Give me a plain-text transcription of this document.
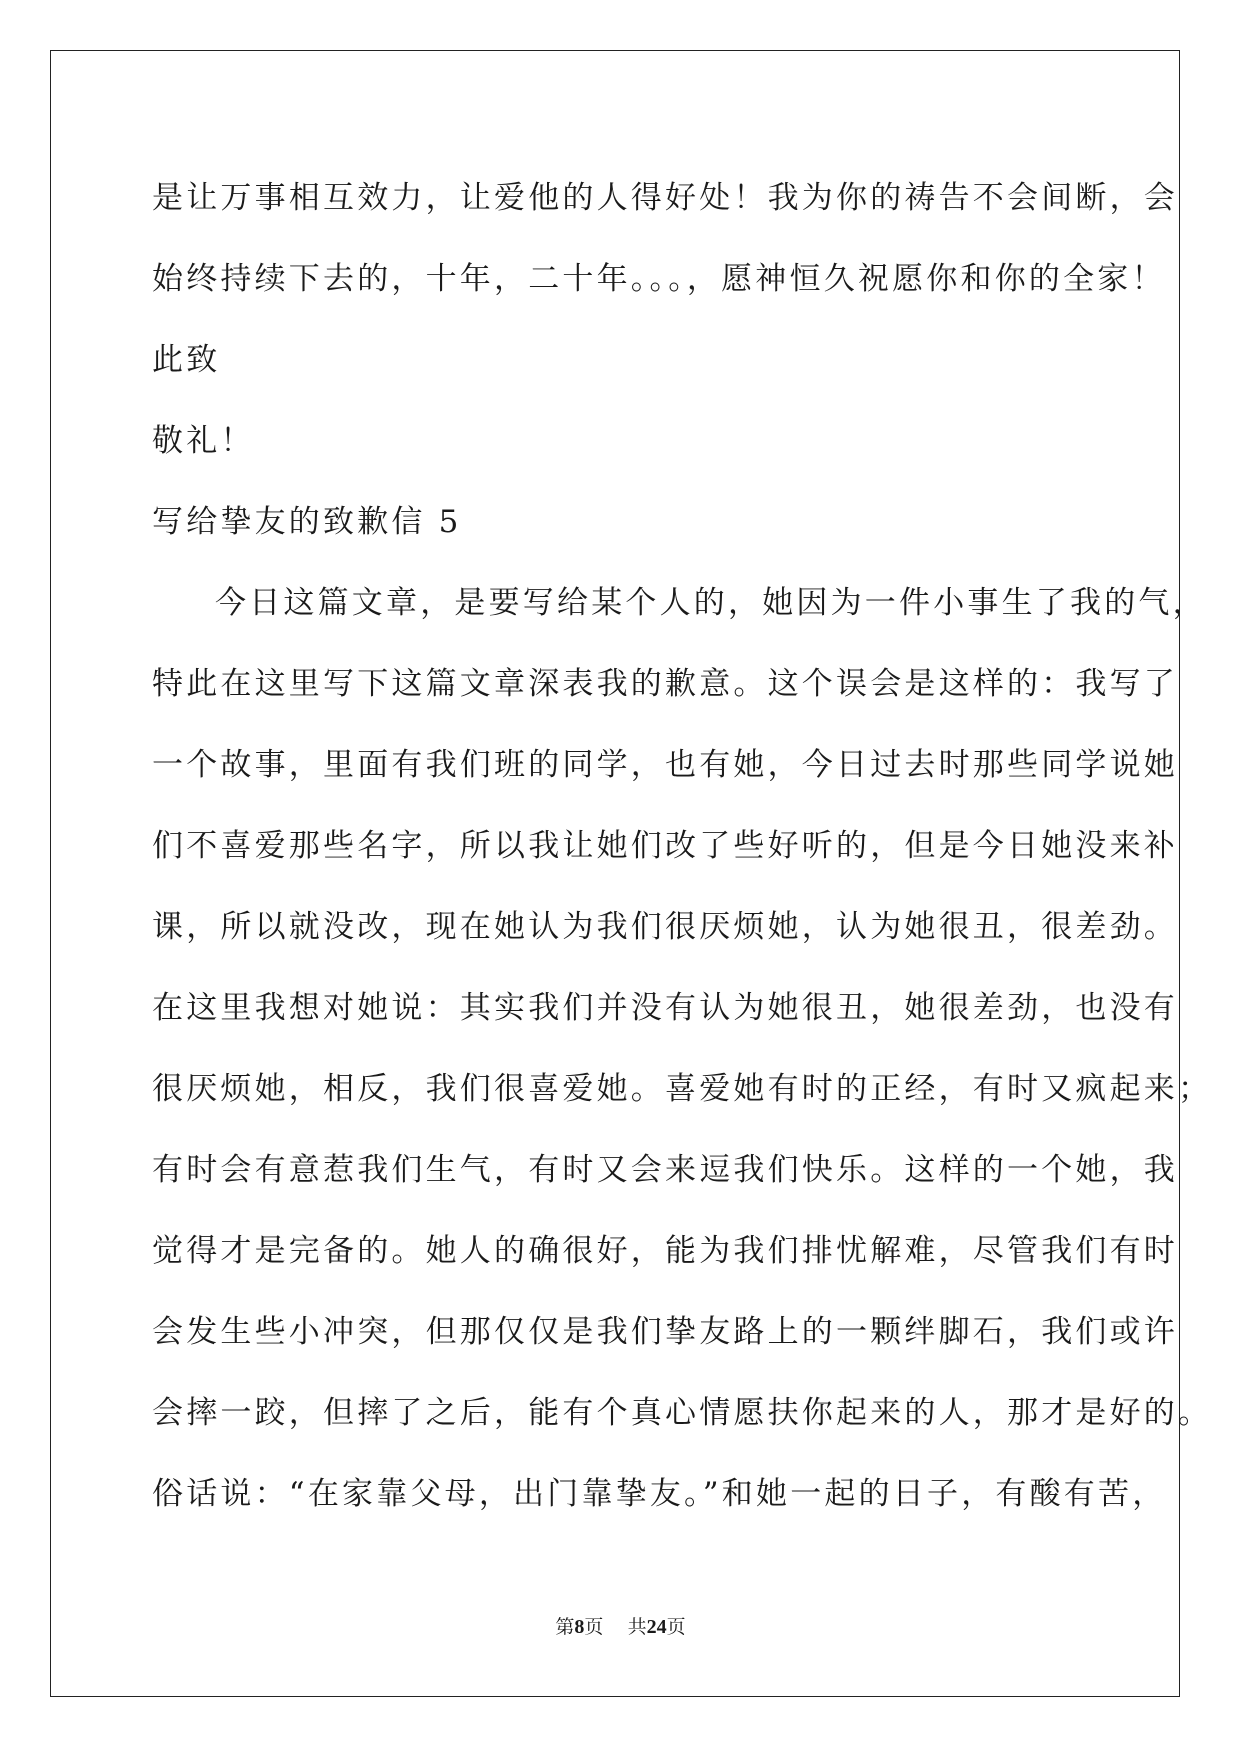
是让万事相互效力，让爱他的人得好处！我为你的祷告不会间断，会
始终持续下去的，十年，二十年。。。，愿神恒久祝愿你和你的全家！
此致
敬礼！
写给挚友的致歉信 5
今日这篇文章，是要写给某个人的，她因为一件小事生了我的气，
特此在这里写下这篇文章深表我的歉意。这个误会是这样的：我写了
一个故事，里面有我们班的同学，也有她，今日过去时那些同学说她
们不喜爱那些名字，所以我让她们改了些好听的，但是今日她没来补
课，所以就没改，现在她认为我们很厌烦她，认为她很丑，很差劲。
在这里我想对她说：其实我们并没有认为她很丑，她很差劲，也没有
很厌烦她，相反，我们很喜爱她。喜爱她有时的正经，有时又疯起来；
有时会有意惹我们生气，有时又会来逗我们快乐。这样的一个她，我
觉得才是完备的。她人的确很好，能为我们排忧解难，尽管我们有时
会发生些小冲突，但那仅仅是我们挚友路上的一颗绊脚石，我们或许
会摔一跤，但摔了之后，能有个真心情愿扶你起来的人，那才是好的。
俗话说：“在家靠父母，出门靠挚友。”和她一起的日子，有酸有苦，
第8页 共24页
